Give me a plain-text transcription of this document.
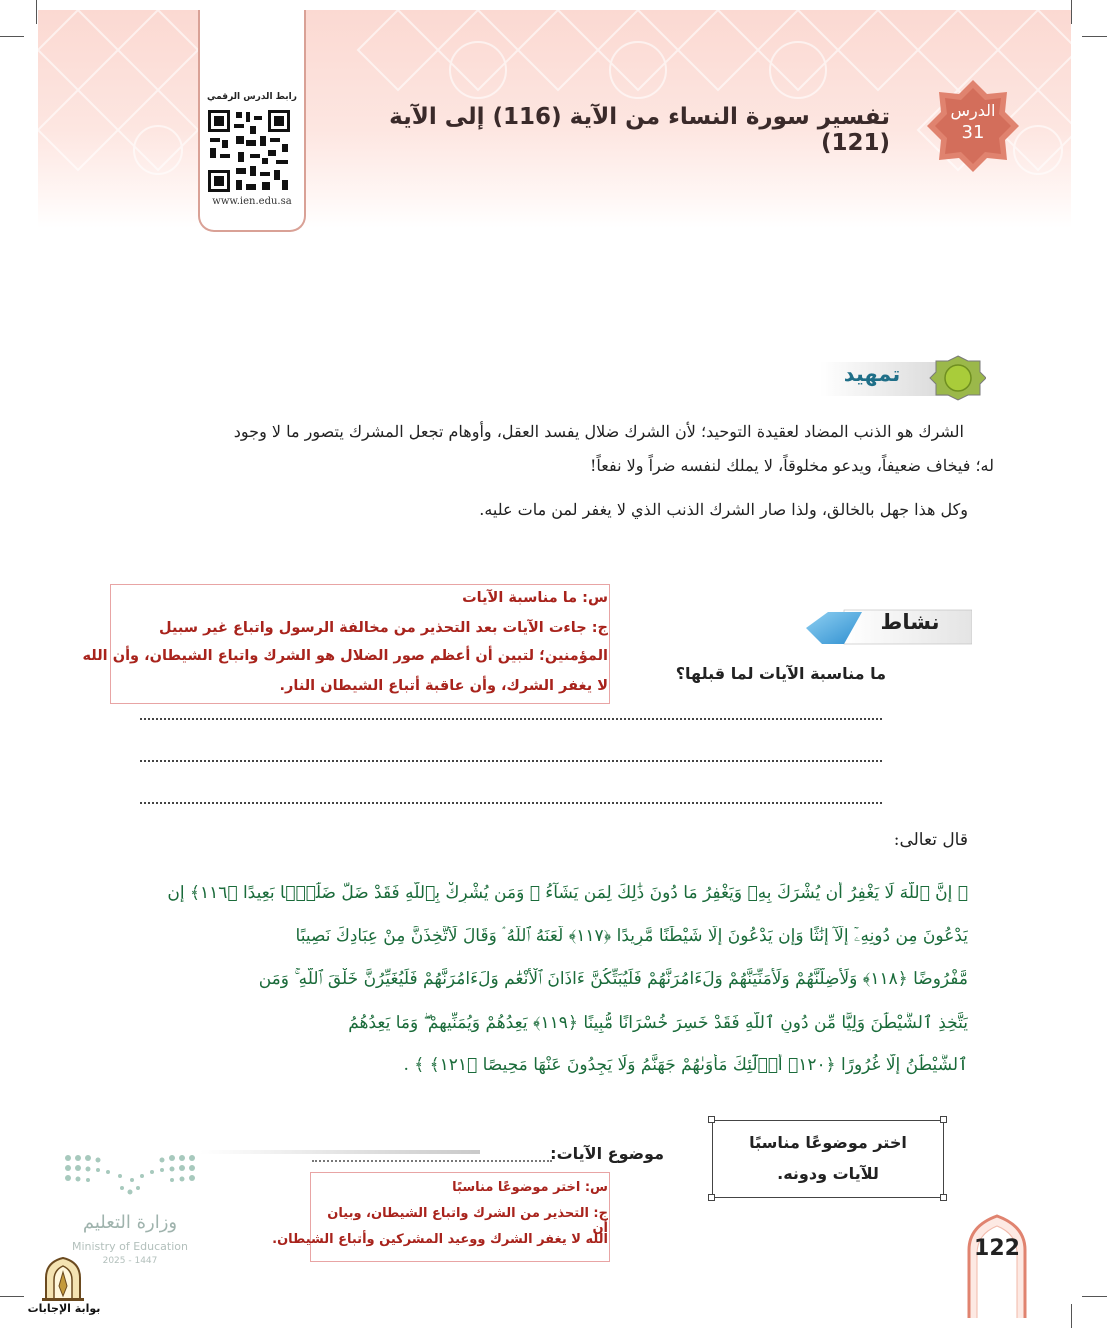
رابط الدرس الرقمي
www.ien.edu.sa
الدرس
31
تفسير سورة النساء من الآية (116) إلى الآية (121)
تمهيد
الشرك هو الذنب المضاد لعقيدة التوحيد؛ لأن الشرك ضلال يفسد العقل، وأوهام تجعل المشرك يتصور ما لا وجود
له؛ فيخاف ضعيفاً، ويدعو مخلوقاً، لا يملك لنفسه ضراً ولا نفعاً!
وكل هذا جهل بالخالق، ولذا صار الشرك الذنب الذي لا يغفر لمن مات عليه.
نشاط
ما مناسبة الآيات لما قبلها؟
س: ما مناسبة الآيات
ج: جاءت الآيات بعد التحذير من مخالفة الرسول واتباع غير سبيل
المؤمنين؛ لتبين أن أعظم صور الضلال هو الشرك واتباع الشيطان، وأن الله
لا يغفر الشرك، وأن عاقبة أتباع الشيطان النار.
قال تعالى:
﴿ إِنَّ ٱللَّهَ لَا يَغْفِرُ أَن يُشْرَكَ بِهِۦ وَيَغْفِرُ مَا دُونَ ذَٰلِكَ لِمَن يَشَآءُ ۚ وَمَن يُشْرِكْ بِٱللَّهِ فَقَدْ ضَلَّ ضَلَٰلًۢا بَعِيدًا ﴿١١٦﴾ إِن
يَدْعُونَ مِن دُونِهِۦٓ إِلَّآ إِنَٰثًا وَإِن يَدْعُونَ إِلَّا شَيْطَٰنًا مَّرِيدًا ﴿١١٧﴾ لَّعَنَهُ ٱللَّهُ ۘ وَقَالَ لَأَتَّخِذَنَّ مِنْ عِبَادِكَ نَصِيبًا
مَّفْرُوضًا ﴿١١٨﴾ وَلَأُضِلَّنَّهُمْ وَلَأُمَنِّيَنَّهُمْ وَلَءَامُرَنَّهُمْ فَلَيُبَتِّكُنَّ ءَاذَانَ ٱلْأَنْعَٰمِ وَلَءَامُرَنَّهُمْ فَلَيُغَيِّرُنَّ خَلْقَ ٱللَّهِ ۚ وَمَن
يَتَّخِذِ ٱلشَّيْطَٰنَ وَلِيًّا مِّن دُونِ ٱللَّهِ فَقَدْ خَسِرَ خُسْرَانًا مُّبِينًا ﴿١١٩﴾ يَعِدُهُمْ وَيُمَنِّيهِمْ ۖ وَمَا يَعِدُهُمُ
ٱلشَّيْطَٰنُ إِلَّا غُرُورًا ﴿١٢٠﴾ أُو۟لَٰٓئِكَ مَأْوَىٰهُمْ جَهَنَّمُ وَلَا يَجِدُونَ عَنْهَا مَحِيصًا ﴿١٢١﴾ ﴾ .
اختر موضوعًا مناسبًا
للآيات ودونه.
موضوع الآيات:
س: اختر موضوعًا مناسبًا
ج: التحذير من الشرك واتباع الشيطان، وبيان أن
الله لا يغفر الشرك ووعيد المشركين وأتباع الشيطان.	122
وزارة التعليم
Ministry of Education
2025 - 1447
بوابة الإجابات
